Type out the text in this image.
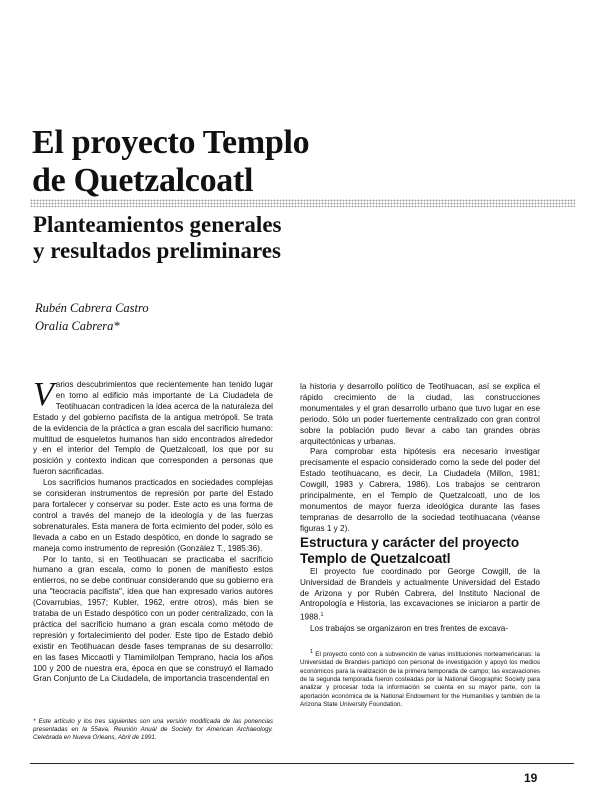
El proyecto Templo
de Quetzalcoatl
Planteamientos generales
y resultados preliminares
Rubén Cabrera Castro
Oralia Cabrera*

Varios descubrimientos que recientemente han tenido lugar en torno al edificio más importante de La Ciudadela de Teotihuacan contradicen la idea acerca de la naturaleza del Estado y del gobierno pacifista de la antigua metrópoli. Se trata de la evidencia de la práctica a gran escala del sacrificio humano: multitud de esqueletos humanos han sido encontrados alrededor y en el interior del Templo de Quetzalcoatl, los que por su posición y contexto indican que corresponden a personas que fueron sacrificadas.

Los sacrificios humanos practicados en sociedades complejas se consideran instrumentos de represión por parte del Estado para fortalecer y conservar su poder. Este acto es una forma de control a través del manejo de la ideología y de las fuerzas sobrenaturales. Esta manera de forta ecimiento del poder, sólo es llevada a cabo en un Estado despótico, en donde lo sagrado se maneja como instrumento de represión (González T., 1985:36).

Por lo tanto, si en Teotihuacan se practicaba el sacrificio humano a gran escala, como lo ponen de manifiesto estos entierros, no se debe continuar considerando que su gobierno era una "teocracia pacifista", idea que han expresado varios autores (Covarrubias, 1957; Kubler, 1962, entre otros), más bien se trataba de un Estado despótico con un poder centralizado, con la práctica del sacrificio humano a gran escala como método de represión y fortalecimiento del poder. Este tipo de Estado debió existir en Teotihuacan desde fases tempranas de su desarrollo: en las fases Miccaotli y Tlamimilolpan Temprano, hacia los años 100 y 200 de nuestra era, época en que se construyó el llamado Gran Conjunto de La Ciudadela, de importancia trascendental en

la historia y desarrollo político de Teotihuacan, así se explica el rápido crecimiento de la ciudad, las construcciones monumentales y el gran desarrollo urbano que tuvo lugar en ese periodo. Sólo un poder fuertemente centralizado con gran control sobre la población pudo llevar a cabo tan grandes obras arquitectónicas y urbanas.

Para comprobar esta hipótesis era necesario investigar precisamente el espacio considerado como la sede del poder del Estado teotihuacano, es decir, La Ciudadela (Millon, 1981; Cowgill, 1983 y Cabrera, 1986). Los trabajos se centraron principalmente, en el Templo de Quetzalcoatl, uno de los monumentos de mayor fuerza ideológica durante las fases tempranas de desarrollo de la sociedad teotihuacana (véanse figuras 1 y 2).

Estructura y carácter del proyecto
Templo de Quetzalcoatl

El proyecto fue coordinado por George Cowgill, de la Universidad de Brandeis y actualmente Universidad del Estado de Arizona y por Rubén Cabrera, del Instituto Nacional de Antropología e Historia, las excavaciones se iniciaron a partir de 1988.$^1$

Los trabajos se organizaron en tres frentes de excava-

1 El proyecto contó con a subvención de varias instituciones norteamericanas: la Universidad de Brandeis participó con personal de investigación y apoyó los medios económicos para la realización de la primera temporada de campo; las excavaciones de la segunda temporada fueron costeadas por la National Geographic Society para analizar y procesar toda la información se cuenta en su mayor parte, con la aportación económica de la National Endowment for the Humanities y también de la Arizona State University Foundation.
* Este artículo y los tres siguientes son una versión modificada de las ponencias presentadas en la 55ava. Reunión Anual de Society for American Archaeology. Celebrada en Nueva Orleans, Abril de 1991.
19
